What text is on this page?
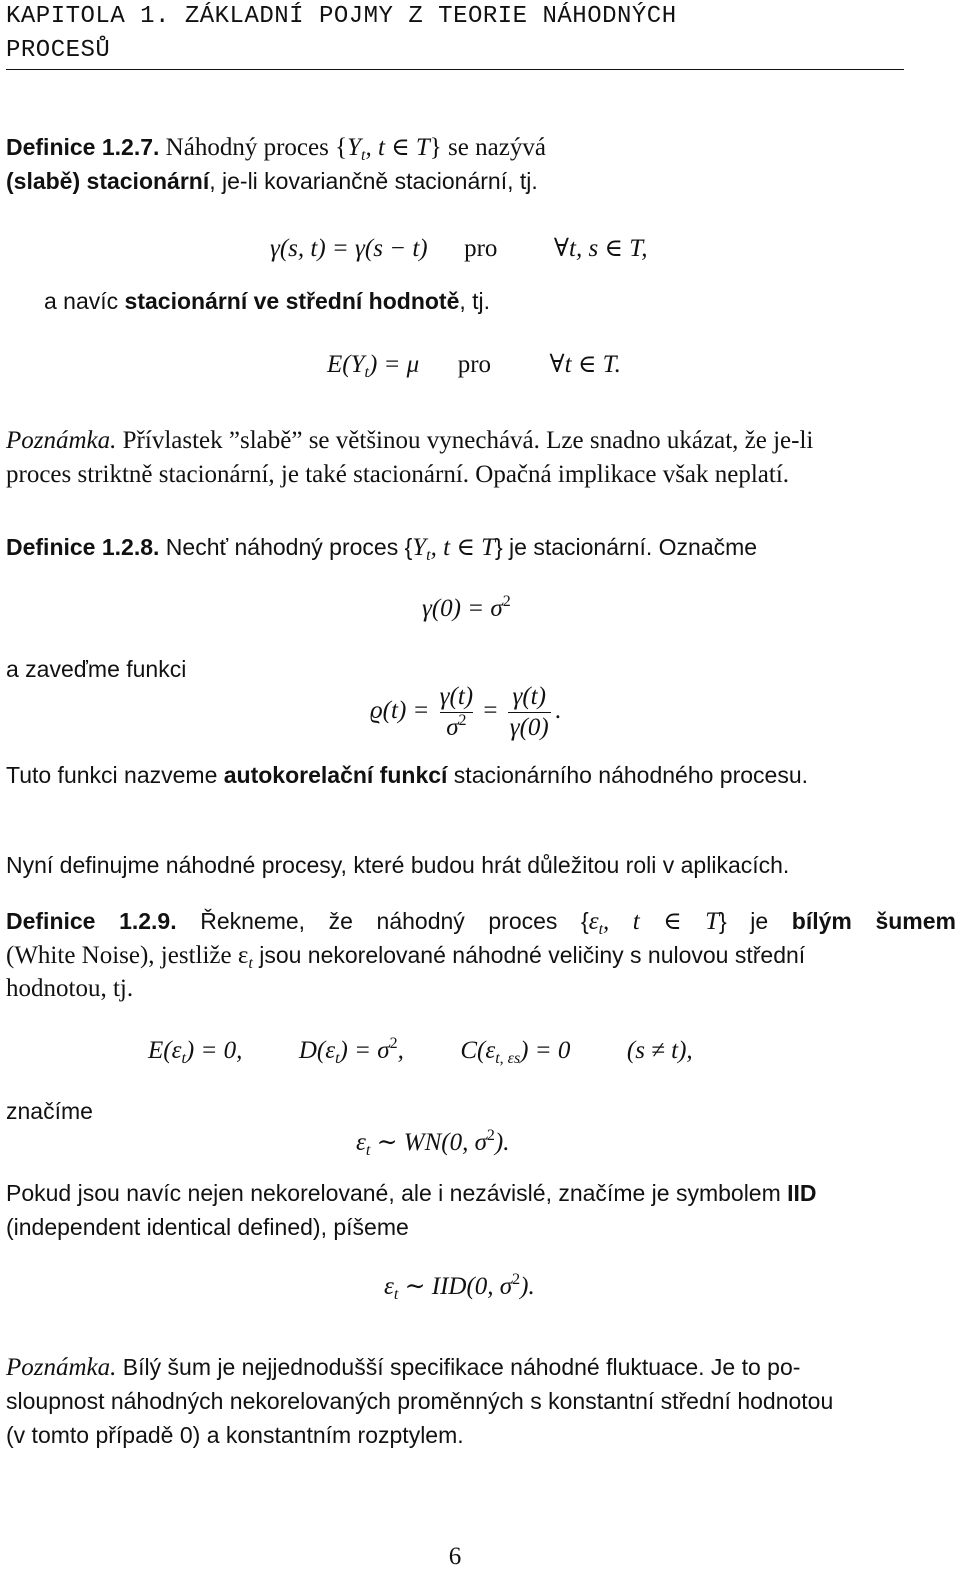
KAPITOLA 1. ZÁKLADNÍ POJMY Z TEORIE NÁHODNÝCH
PROCESŮ
Definice 1.2.7. Náhodný proces {$Y_t$, t ∈ T} se nazývá
(slabě) stacionární, je-li kovariančně stacionární, tj.
γ(s, t) = γ(s − t) pro ∀t, s ∈ T,
a navíc stacionární ve střední hodnotě, tj.
$E(Y_t) = \mu$ pro ∀t ∈ T.
Poznámka. Přívlastek ”slabě” se většinou vynechává. Lze snadno ukázat, že je-li
proces striktně stacionární, je také stacionární. Opačná implikace však neplatí.
Definice 1.2.8. Nechť náhodný proces {$Y_t$, t ∈ T} je stacionární. Označme
$\gamma(0) = \sigma^2$
a zaveďme funkci
$ϱ(t) = \frac{\gamma(t)}{\sigma^2} = \frac{\gamma(t)}{\gamma(0)}$ .
Tuto funkci nazveme autokorelační funkcí stacionárního náhodného procesu.
Nyní definujme náhodné procesy, které budou hrát důležitou roli v aplikacích.
Definice 1.2.9. Řekneme, že náhodný proces {$\varepsilon_t$, t ∈ T} je bílým šumem
(White Noise), jestliže $\varepsilon_t$ jsou nekorelované náhodné veličiny s nulovou střední
hodnotou, tj.
$E(\varepsilon_t) = 0$, $D(\varepsilon_t) = \sigma^2$, $C(\varepsilon_{t, \varepsilon s}) = 0$ (s ≠ t),
značíme
$\varepsilon_t$ ∼ WN(0, $\sigma^2$).
Pokud jsou navíc nejen nekorelované, ale i nezávislé, značíme je symbolem IID
(independent identical defined), píšeme
$\varepsilon_t$ ∼ IID(0, $\sigma^2$).
Poznámka. Bílý šum je nejjednodušší specifikace náhodné fluktuace. Je to po-
sloupnost náhodných nekorelovaných proměnných s konstantní střední hodnotou
(v tomto případě 0) a konstantním rozptylem.
6
